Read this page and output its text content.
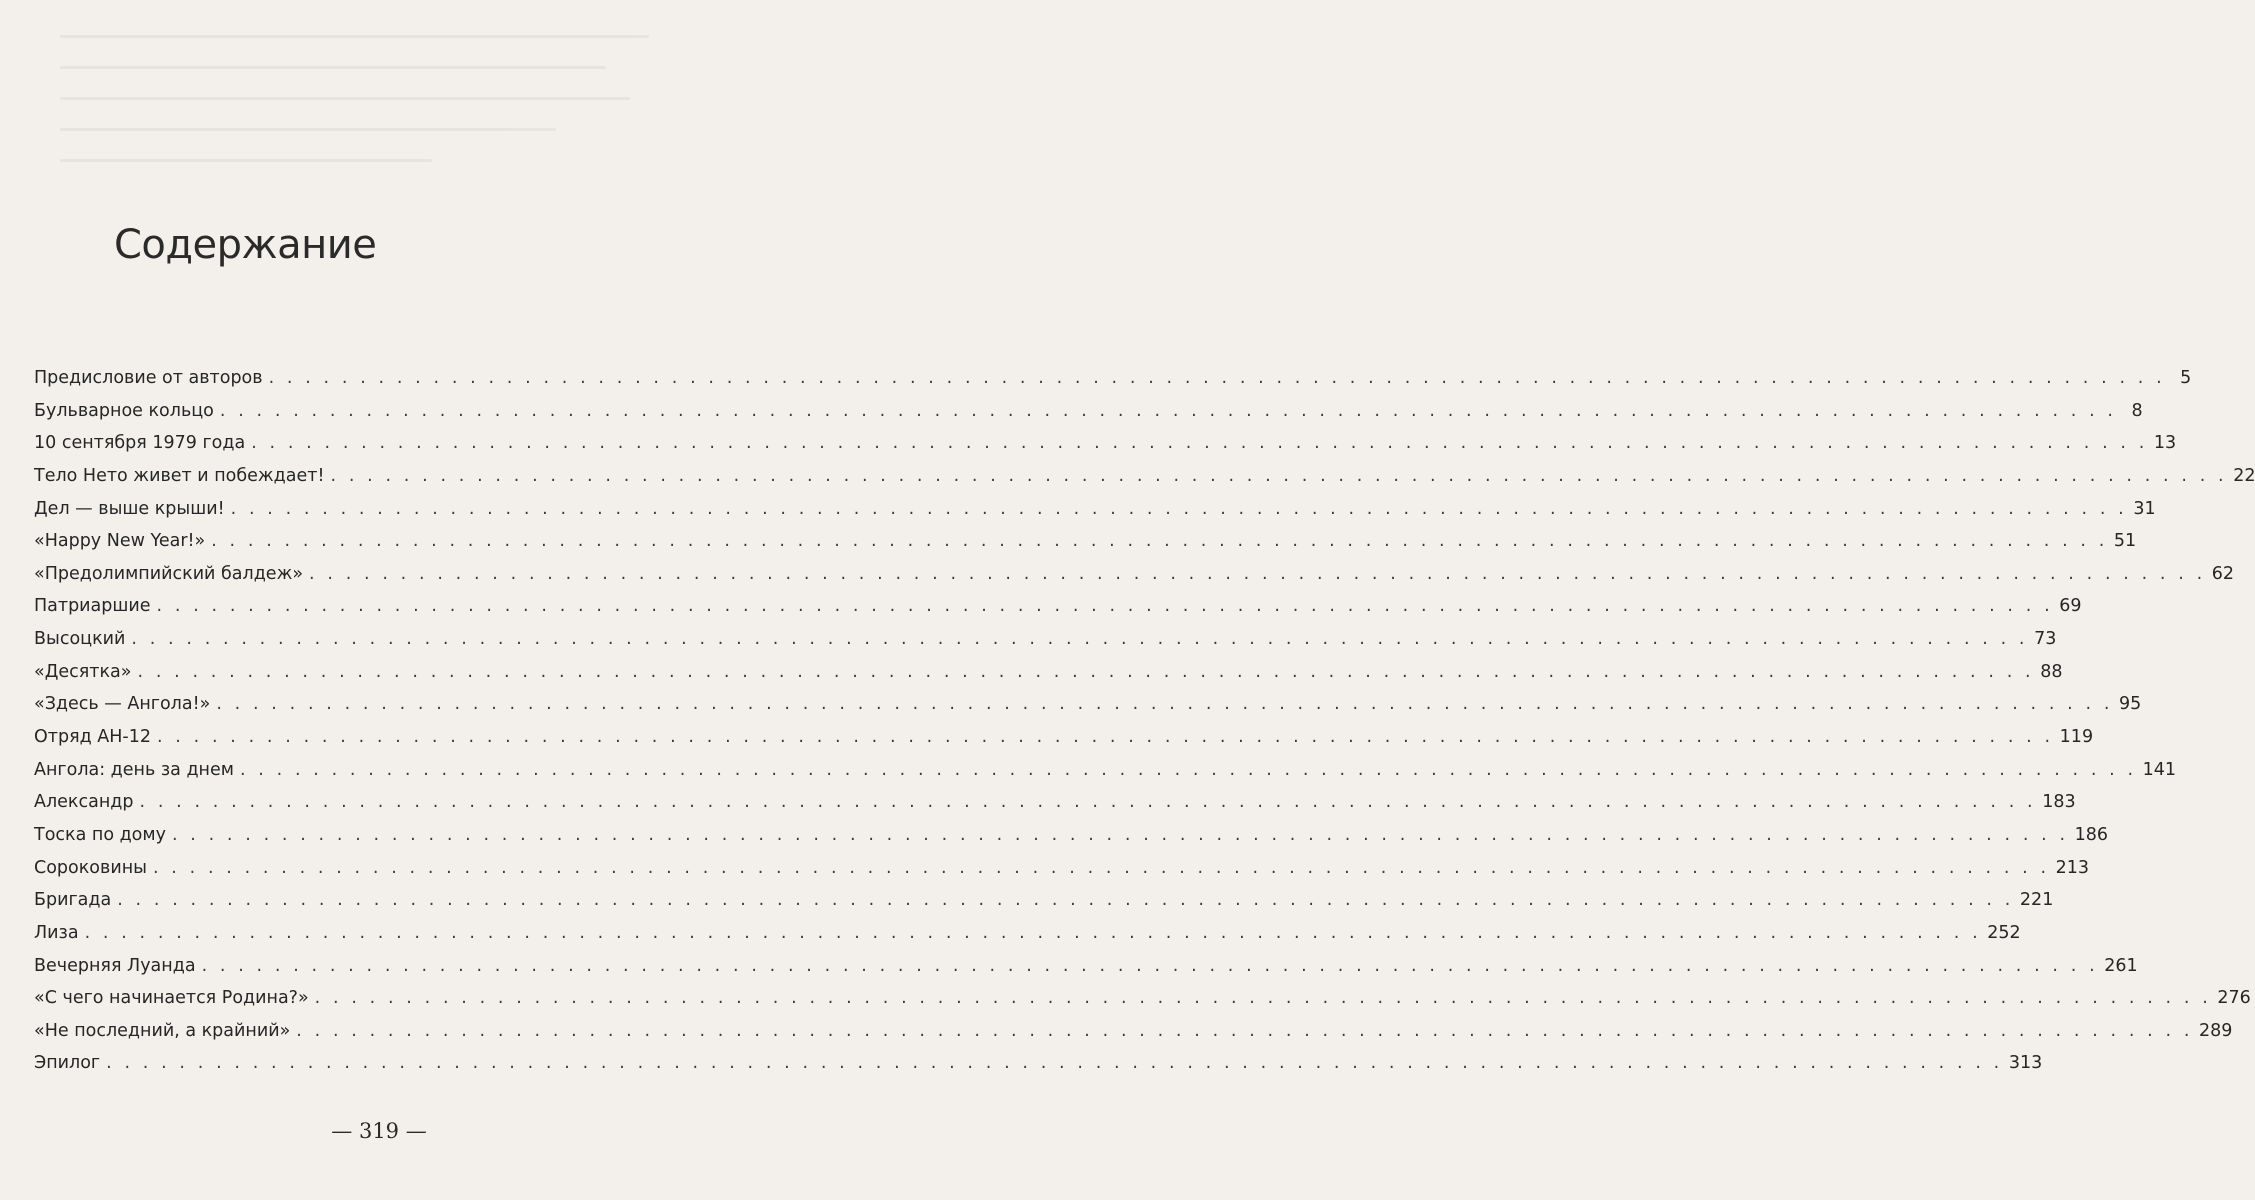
Содержание
Предисловие от авторов . . . . . . . . . . . . . . . . . . . . . . . . . . . . . . . . . . . . . . . . . . . . . . . . . . . . . . . . . . . . . . . . . . . . . . . . . . . . . . . . . . . . . . . . . . . . . . . . . . . . . . . . 5
Бульварное кольцо . . . . . . . . . . . . . . . . . . . . . . . . . . . . . . . . . . . . . . . . . . . . . . . . . . . . . . . . . . . . . . . . . . . . . . . . . . . . . . . . . . . . . . . . . . . . . . . . . . . . . . . . 8
10 сентября 1979 года . . . . . . . . . . . . . . . . . . . . . . . . . . . . . . . . . . . . . . . . . . . . . . . . . . . . . . . . . . . . . . . . . . . . . . . . . . . . . . . . . . . . . . . . . . . . . . . . . . . . . . . . 13
Тело Нето живет и побеждает! . . . . . . . . . . . . . . . . . . . . . . . . . . . . . . . . . . . . . . . . . . . . . . . . . . . . . . . . . . . . . . . . . . . . . . . . . . . . . . . . . . . . . . . . . . . . . . . . . . . . . . . . 22
Дел — выше крыши! . . . . . . . . . . . . . . . . . . . . . . . . . . . . . . . . . . . . . . . . . . . . . . . . . . . . . . . . . . . . . . . . . . . . . . . . . . . . . . . . . . . . . . . . . . . . . . . . . . . . . . . . 31
«Happy New Year!» . . . . . . . . . . . . . . . . . . . . . . . . . . . . . . . . . . . . . . . . . . . . . . . . . . . . . . . . . . . . . . . . . . . . . . . . . . . . . . . . . . . . . . . . . . . . . . . . . . . . . . . . 51
«Предолимпийский балдеж» . . . . . . . . . . . . . . . . . . . . . . . . . . . . . . . . . . . . . . . . . . . . . . . . . . . . . . . . . . . . . . . . . . . . . . . . . . . . . . . . . . . . . . . . . . . . . . . . . . . . . . . . 62
Патриаршие . . . . . . . . . . . . . . . . . . . . . . . . . . . . . . . . . . . . . . . . . . . . . . . . . . . . . . . . . . . . . . . . . . . . . . . . . . . . . . . . . . . . . . . . . . . . . . . . . . . . . . . . 69
Высоцкий . . . . . . . . . . . . . . . . . . . . . . . . . . . . . . . . . . . . . . . . . . . . . . . . . . . . . . . . . . . . . . . . . . . . . . . . . . . . . . . . . . . . . . . . . . . . . . . . . . . . . . . . 73
«Десятка» . . . . . . . . . . . . . . . . . . . . . . . . . . . . . . . . . . . . . . . . . . . . . . . . . . . . . . . . . . . . . . . . . . . . . . . . . . . . . . . . . . . . . . . . . . . . . . . . . . . . . . . . 88
«Здесь — Ангола!» . . . . . . . . . . . . . . . . . . . . . . . . . . . . . . . . . . . . . . . . . . . . . . . . . . . . . . . . . . . . . . . . . . . . . . . . . . . . . . . . . . . . . . . . . . . . . . . . . . . . . . . . 95
Отряд АН-12 . . . . . . . . . . . . . . . . . . . . . . . . . . . . . . . . . . . . . . . . . . . . . . . . . . . . . . . . . . . . . . . . . . . . . . . . . . . . . . . . . . . . . . . . . . . . . . . . . . . . . . . . 119
Ангола: день за днем . . . . . . . . . . . . . . . . . . . . . . . . . . . . . . . . . . . . . . . . . . . . . . . . . . . . . . . . . . . . . . . . . . . . . . . . . . . . . . . . . . . . . . . . . . . . . . . . . . . . . . . . 141
Александр . . . . . . . . . . . . . . . . . . . . . . . . . . . . . . . . . . . . . . . . . . . . . . . . . . . . . . . . . . . . . . . . . . . . . . . . . . . . . . . . . . . . . . . . . . . . . . . . . . . . . . . . 183
Тоска по дому . . . . . . . . . . . . . . . . . . . . . . . . . . . . . . . . . . . . . . . . . . . . . . . . . . . . . . . . . . . . . . . . . . . . . . . . . . . . . . . . . . . . . . . . . . . . . . . . . . . . . . . . 186
Сороковины . . . . . . . . . . . . . . . . . . . . . . . . . . . . . . . . . . . . . . . . . . . . . . . . . . . . . . . . . . . . . . . . . . . . . . . . . . . . . . . . . . . . . . . . . . . . . . . . . . . . . . . . 213
Бригада . . . . . . . . . . . . . . . . . . . . . . . . . . . . . . . . . . . . . . . . . . . . . . . . . . . . . . . . . . . . . . . . . . . . . . . . . . . . . . . . . . . . . . . . . . . . . . . . . . . . . . . . 221
Лиза . . . . . . . . . . . . . . . . . . . . . . . . . . . . . . . . . . . . . . . . . . . . . . . . . . . . . . . . . . . . . . . . . . . . . . . . . . . . . . . . . . . . . . . . . . . . . . . . . . . . . . . . 252
Вечерняя Луанда . . . . . . . . . . . . . . . . . . . . . . . . . . . . . . . . . . . . . . . . . . . . . . . . . . . . . . . . . . . . . . . . . . . . . . . . . . . . . . . . . . . . . . . . . . . . . . . . . . . . . . . . 261
«С чего начинается Родина?» . . . . . . . . . . . . . . . . . . . . . . . . . . . . . . . . . . . . . . . . . . . . . . . . . . . . . . . . . . . . . . . . . . . . . . . . . . . . . . . . . . . . . . . . . . . . . . . . . . . . . . . . 276
«Не последний, а крайний» . . . . . . . . . . . . . . . . . . . . . . . . . . . . . . . . . . . . . . . . . . . . . . . . . . . . . . . . . . . . . . . . . . . . . . . . . . . . . . . . . . . . . . . . . . . . . . . . . . . . . . . . 289
Эпилог . . . . . . . . . . . . . . . . . . . . . . . . . . . . . . . . . . . . . . . . . . . . . . . . . . . . . . . . . . . . . . . . . . . . . . . . . . . . . . . . . . . . . . . . . . . . . . . . . . . . . . . . 313
— 319 —
